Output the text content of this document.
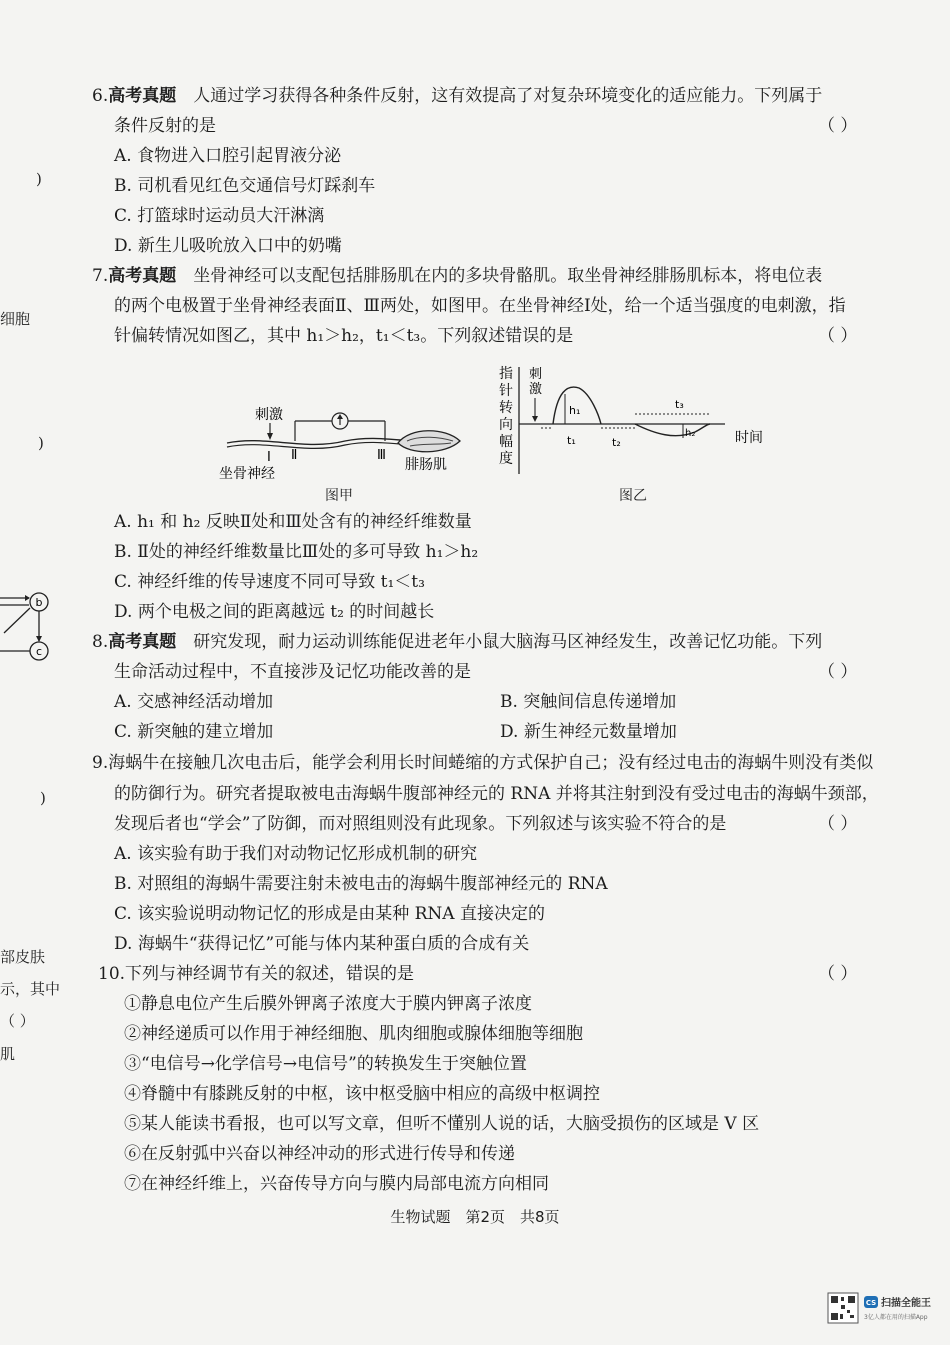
)
细胞
)
)
部皮肤
示，其中
（ ）
肌
b
c
6.高考真题　 人通过学习获得各种条件反射，这有效提高了对复杂环境变化的适应能力。下列属于
条件反射的是	（ ）
A. 食物进入口腔引起胃液分泌
B. 司机看见红色交通信号灯踩刹车
C. 打篮球时运动员大汗淋漓
D. 新生儿吸吮放入口中的奶嘴
7.高考真题　 坐骨神经可以支配包括腓肠肌在内的多块骨骼肌。取坐骨神经腓肠肌标本，将电位表
的两个电极置于坐骨神经表面Ⅱ、Ⅲ两处，如图甲。在坐骨神经Ⅰ处，给一个适当强度的电刺激，指
针偏转情况如图乙，其中 h₁＞h₂，t₁＜t₃。下列叙述错误的是	（ ）
刺激
Ⅰ Ⅱ	Ⅲ
坐骨神经
腓肠肌
图甲
指
针
转
向
幅
度
刺
激
h₁
h₂
t₁	t₂
t₃
时间
图乙
A. h₁ 和 h₂ 反映Ⅱ处和Ⅲ处含有的神经纤维数量
B. Ⅱ处的神经纤维数量比Ⅲ处的多可导致 h₁＞h₂
C. 神经纤维的传导速度不同可导致 t₁＜t₃
D. 两个电极之间的距离越远 t₂ 的时间越长
8.高考真题　 研究发现，耐力运动训练能促进老年小鼠大脑海马区神经发生，改善记忆功能。下列
生命活动过程中，不直接涉及记忆功能改善的是	（ ）
A. 交感神经活动增加	B. 突触间信息传递增加
C. 新突触的建立增加	D. 新生神经元数量增加
9.海蜗牛在接触几次电击后，能学会利用长时间蜷缩的方式保护自己；没有经过电击的海蜗牛则没有类似
的防御行为。研究者提取被电击海蜗牛腹部神经元的 RNA 并将其注射到没有受过电击的海蜗牛颈部，
发现后者也“学会”了防御，而对照组则没有此现象。下列叙述与该实验不符合的是	（ ）
A. 该实验有助于我们对动物记忆形成机制的研究
B. 对照组的海蜗牛需要注射未被电击的海蜗牛腹部神经元的 RNA
C. 该实验说明动物记忆的形成是由某种 RNA 直接决定的
D. 海蜗牛“获得记忆”可能与体内某种蛋白质的合成有关
10.下列与神经调节有关的叙述，错误的是	（ ）
①静息电位产生后膜外钾离子浓度大于膜内钾离子浓度
②神经递质可以作用于神经细胞、肌肉细胞或腺体细胞等细胞
③“电信号→化学信号→电信号”的转换发生于突触位置
④脊髓中有膝跳反射的中枢，该中枢受脑中相应的高级中枢调控
⑤某人能读书看报，也可以写文章，但听不懂别人说的话，大脑受损伤的区域是 V 区
⑥在反射弧中兴奋以神经冲动的形式进行传导和传递
⑦在神经纤维上，兴奋传导方向与膜内局部电流方向相同
生物试题　第2页　共8页
CS 扫描全能王
3亿人都在用的扫描App
